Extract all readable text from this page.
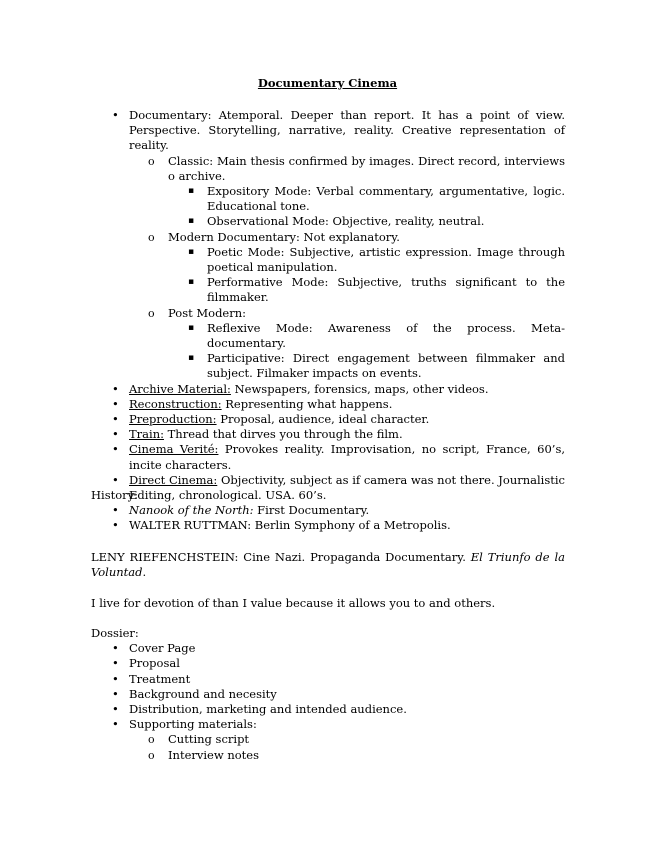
Documentary Cinema
• Documentary: Atemporal. Deeper than report. It has a point of view. Perspective. Storytelling, narrative, reality. Creative representation of reality.
o Classic: Main thesis confirmed by images. Direct record, interviews o archive.
▪ Expository Mode: Verbal commentary, argumentative, logic. Educational tone.
▪ Observational Mode: Objective, reality, neutral.
o Modern Documentary: Not explanatory.
▪ Poetic Mode: Subjective, artistic expression. Image through poetical manipulation.
▪ Performative Mode: Subjective, truths significant to the filmmaker.
o Post Modern:
▪ Reflexive Mode: Awareness of the process. Meta-documentary.
▪ Participative: Direct engagement between filmmaker and subject. Filmaker impacts on events.
• Archive Material: Newspapers, forensics, maps, other videos.
• Reconstruction: Representing what happens.
• Preproduction: Proposal, audience, ideal character.
• Train: Thread that dirves you through the film.
• Cinema Verité: Provokes reality. Improvisation, no script, France, 60’s, incite characters.
• Direct Cinema: Objectivity, subject as if camera was not there. Journalistic Editing, chronological. USA. 60’s.
History:
• Nanook of the North: First Documentary.
• WALTER RUTTMAN: Berlin Symphony of a Metropolis.
LENY RIEFENCHSTEIN: Cine Nazi. Propaganda Documentary. El Triunfo de la Voluntad.
I live for devotion of than I value because it allows you to and others.
Dossier:
• Cover Page
• Proposal
• Treatment
• Background and necesity
• Distribution, marketing and intended audience.
• Supporting materials:
o Cutting script
o Interview notes
